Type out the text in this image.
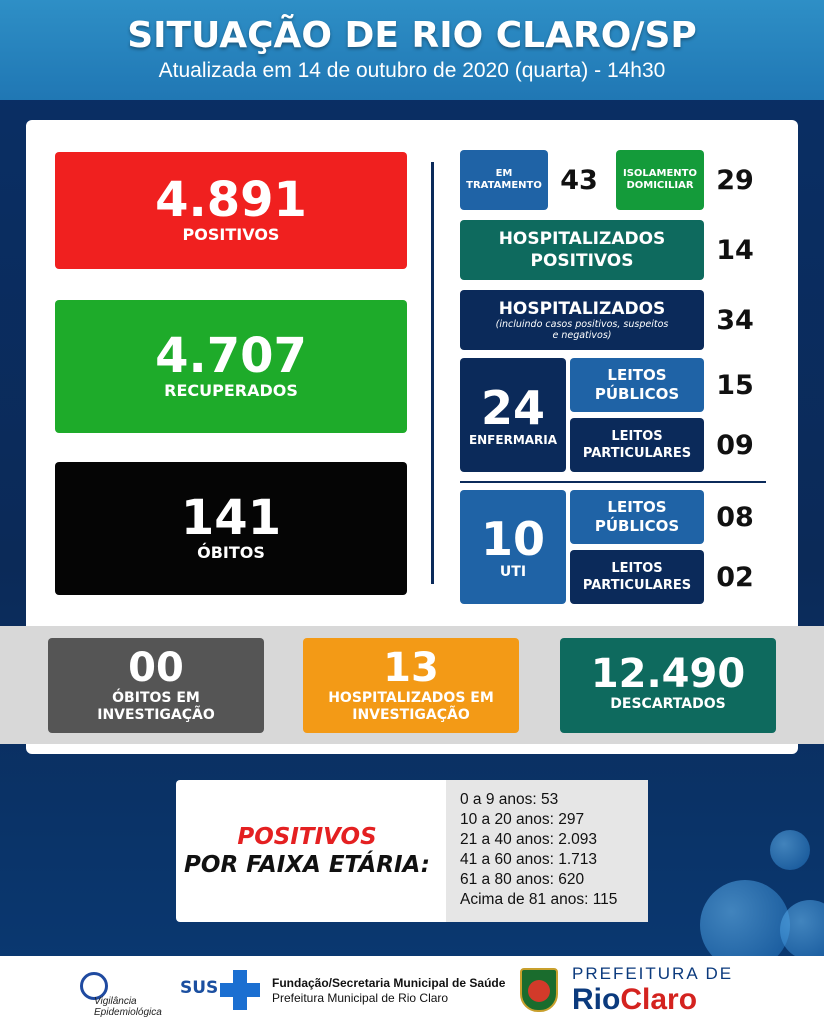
SITUAÇÃO DE RIO CLARO/SP
Atualizada em 14 de outubro de 2020 (quarta) - 14h30
4.891
POSITIVOS
4.707
RECUPERADOS
141
ÓBITOS
EM
TRATAMENTO 43	ISOLAMENTO
DOMICILIAR 29
HOSPITALIZADOS
POSITIVOS	14
HOSPITALIZADOS
(incluindo casos positivos, suspeitos
e negativos)	34
24
ENFERMARIA
LEITOS
PÚBLICOS	15
LEITOS
PARTICULARES 09
10
UTI
LEITOS
PÚBLICOS	08
LEITOS
PARTICULARES 02
00
ÓBITOS EM
INVESTIGAÇÃO
13
HOSPITALIZADOS EM
INVESTIGAÇÃO
12.490
DESCARTADOS
POSITIVOS
POR FAIXA ETÁRIA:
0 a 9 anos: 53
10 a 20 anos: 297
21 a 40 anos: 2.093
41 a 60 anos: 1.713
61 a 80 anos: 620
Acima de 81 anos: 115
Vigilância
Epidemiológica
SUS	Fundação/Secretaria Municipal de Saúde
Prefeitura Municipal de Rio Claro
PREFEITURA DE
RioClaro
